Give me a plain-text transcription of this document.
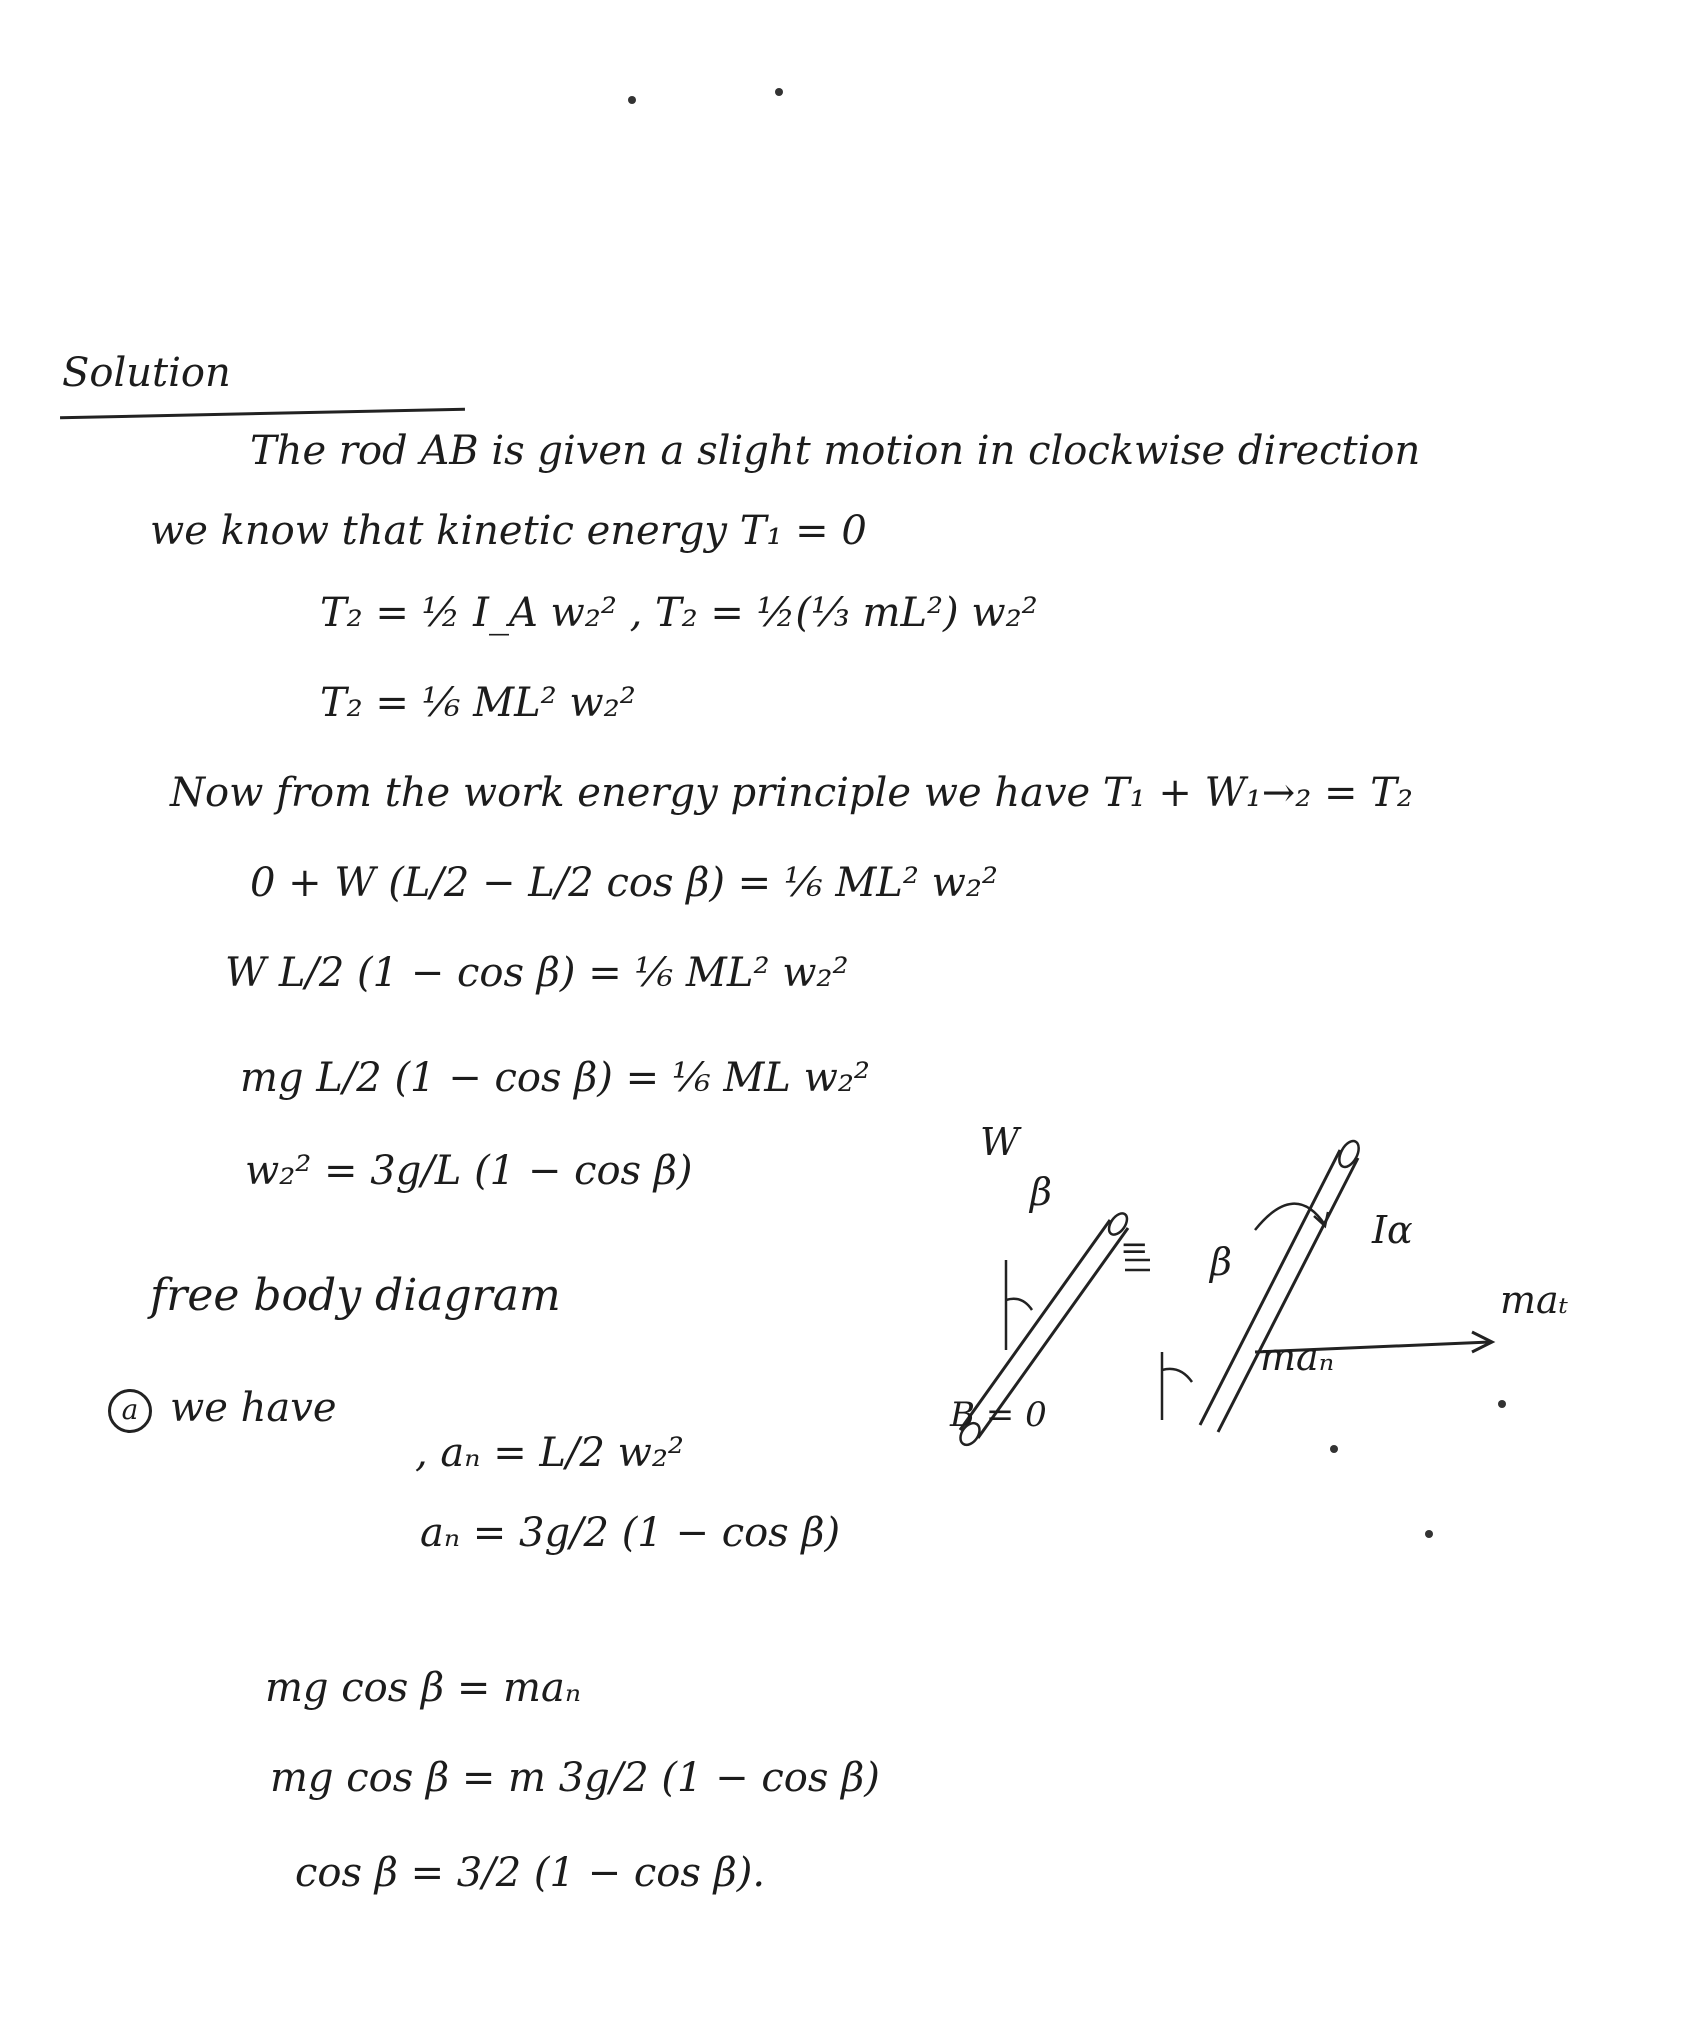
Solution
The rod AB is given a slight motion in clockwise direction
we know that kinetic energy T₁ = 0
T₂ = ½ I_A w₂² , T₂ = ½(⅓ mL²) w₂²
T₂ = ⅙ ML² w₂²
Now from the work energy principle we have T₁ + W₁→₂ = T₂
0 + W (L/2 − L/2 cos β) = ⅙ ML² w₂²
W L/2 (1 − cos β) = ⅙ ML² w₂²
mg L/2 (1 − cos β) = ⅙ ML w₂²
w₂² = 3g/L (1 − cos β)
free body diagram
a we have
, aₙ = L/2 w₂²
aₙ = 3g/2 (1 − cos β)
mg cos β = maₙ
mg cos β = m 3g/2 (1 − cos β)
cos β = 3/2 (1 − cos β).
W
β
= β
Iα
maₜ
maₙ
B = 0
